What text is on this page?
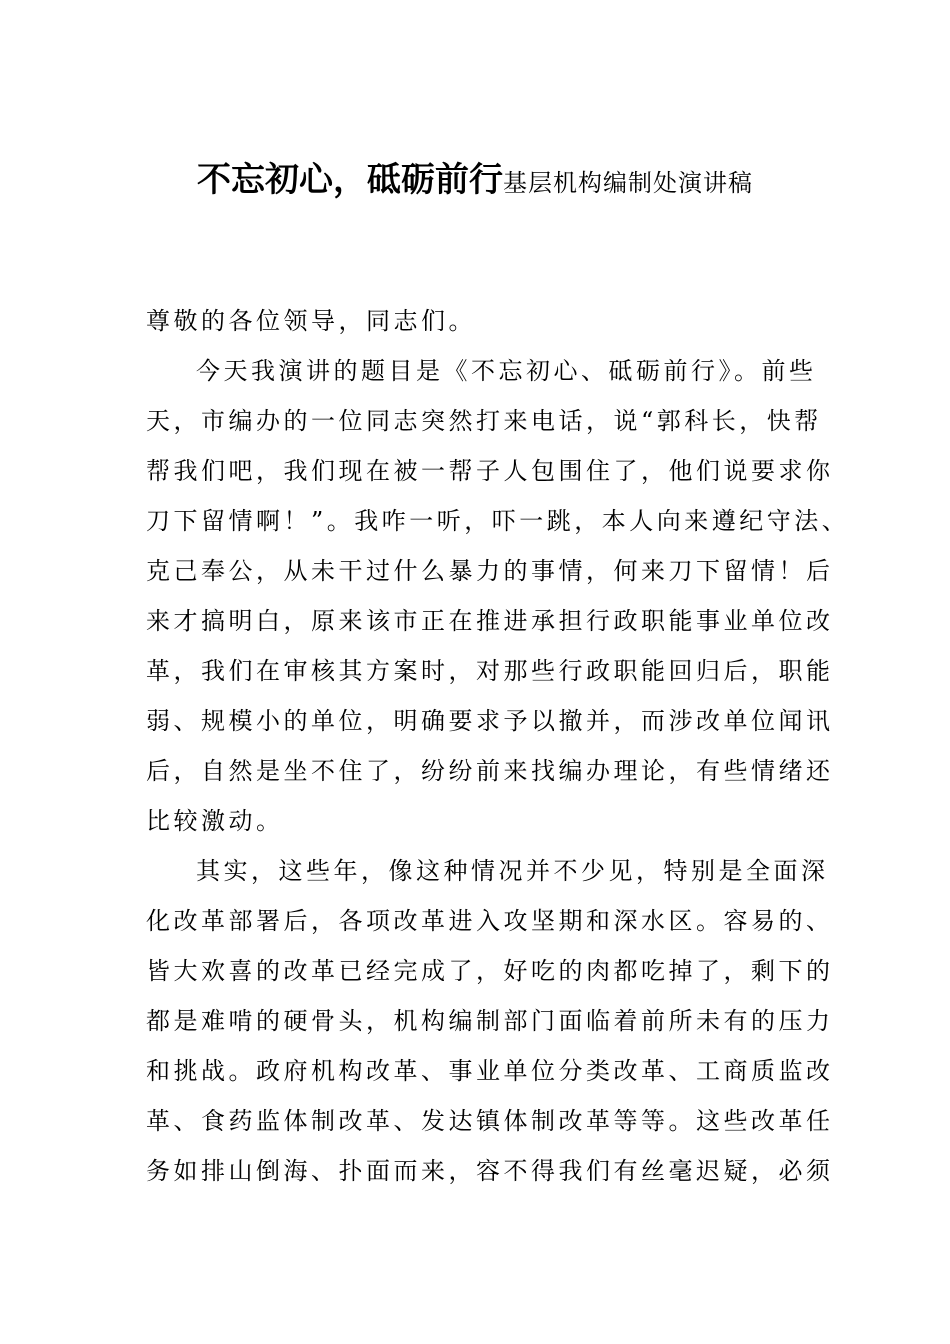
不忘初心，砥砺前行基层机构编制处演讲稿
尊敬的各位领导，同志们。
今天我演讲的题目是《不忘初心、砥砺前行》。前些
天，市编办的一位同志突然打来电话，说“郭科长，快帮
帮我们吧，我们现在被一帮子人包围住了，他们说要求你
刀下留情啊！”。我咋一听，吓一跳，本人向来遵纪守法、
克己奉公，从未干过什么暴力的事情，何来刀下留情！后
来才搞明白，原来该市正在推进承担行政职能事业单位改
革，我们在审核其方案时，对那些行政职能回归后，职能
弱、规模小的单位，明确要求予以撤并，而涉改单位闻讯
后，自然是坐不住了，纷纷前来找编办理论，有些情绪还
比较激动。
其实，这些年，像这种情况并不少见，特别是全面深
化改革部署后，各项改革进入攻坚期和深水区。容易的、
皆大欢喜的改革已经完成了，好吃的肉都吃掉了，剩下的
都是难啃的硬骨头，机构编制部门面临着前所未有的压力
和挑战。政府机构改革、事业单位分类改革、工商质监改
革、食药监体制改革、发达镇体制改革等等。这些改革任
务如排山倒海、扑面而来，容不得我们有丝毫迟疑，必须
